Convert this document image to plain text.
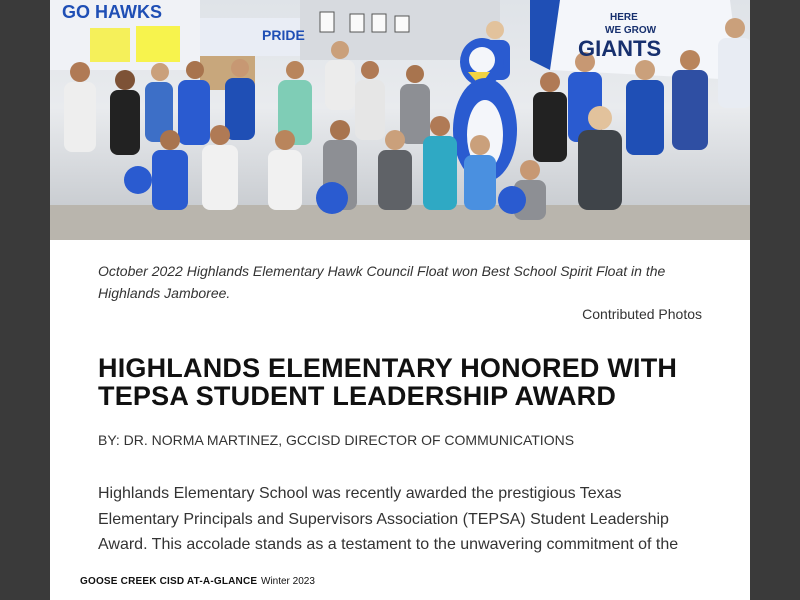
GO HAWKS
PRIDE
HERE
WE GROW
GIANTS
October 2022 Highlands Elementary Hawk Council Float won Best School Spirit Float in the Highlands Jamboree.
Contributed Photos
HIGHLANDS ELEMENTARY HONORED WITH TEPSA STUDENT LEADERSHIP AWARD
BY: DR. NORMA MARTINEZ, GCCISD DIRECTOR OF COMMUNICATIONS

Highlands Elementary School was recently awarded the prestigious Texas Elementary Principals and Supervisors Association (TEPSA) Student Leadership Award. This accolade stands as a testament to the unwavering commitment of the

GOOSE CREEK CISD AT-A-GLANCE Winter 2023
